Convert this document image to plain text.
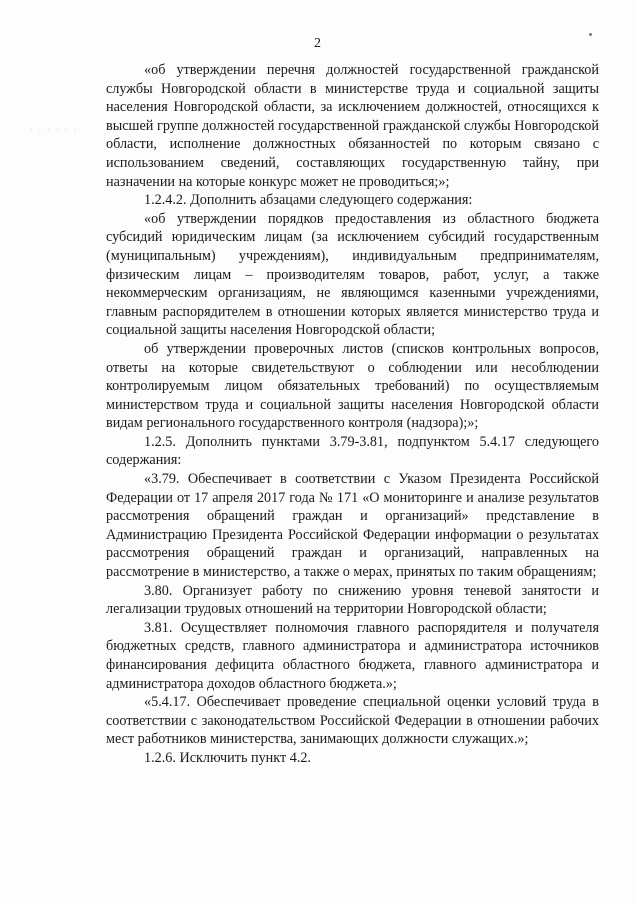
· · · · · ·
2

«об утверждении перечня должностей государственной гражданской службы Новгородской области в министерстве труда и социальной защиты населения Новгородской области, за исключением должностей, относящихся к высшей группе должностей государственной гражданской службы Новгородской области, исполнение должностных обязанностей по которым связано с использованием сведений, составляющих государственную тайну, при назначении на которые конкурс может не проводиться;»;

1.2.4.2. Дополнить абзацами следующего содержания:

«об утверждении порядков предоставления из областного бюджета субсидий юридическим лицам (за исключением субсидий государственным (муниципальным) учреждениям), индивидуальным предпринимателям, физическим лицам – производителям товаров, работ, услуг, а также некоммерческим организациям, не являющимся казенными учреждениями, главным распорядителем в отношении которых является министерство труда и социальной защиты населения Новгородской области;

об утверждении проверочных листов (списков контрольных вопросов, ответы на которые свидетельствуют о соблюдении или несоблюдении контролируемым лицом обязательных требований) по осуществляемым министерством труда и социальной защиты населения Новгородской области видам регионального государственного контроля (надзора);»;

1.2.5. Дополнить пунктами 3.79-3.81, подпунктом 5.4.17 следующего содержания:

«3.79. Обеспечивает в соответствии с Указом Президента Российской Федерации от 17 апреля 2017 года № 171 «О мониторинге и анализе результатов рассмотрения обращений граждан и организаций» представление в Администрацию Президента Российской Федерации информации о результатах рассмотрения обращений граждан и организаций, направленных на рассмотрение в министерство, а также о мерах, принятых по таким обращениям;

3.80. Организует работу по снижению уровня теневой занятости и легализации трудовых отношений на территории Новгородской области;

3.81. Осуществляет полномочия главного распорядителя и получателя бюджетных средств, главного администратора и администратора источников финансирования дефицита областного бюджета, главного администратора и администратора доходов областного бюджета.»;

«5.4.17. Обеспечивает проведение специальной оценки условий труда в соответствии с законодательством Российской Федерации в отношении рабочих мест работников министерства, занимающих должности служащих.»;

1.2.6. Исключить пункт 4.2.
